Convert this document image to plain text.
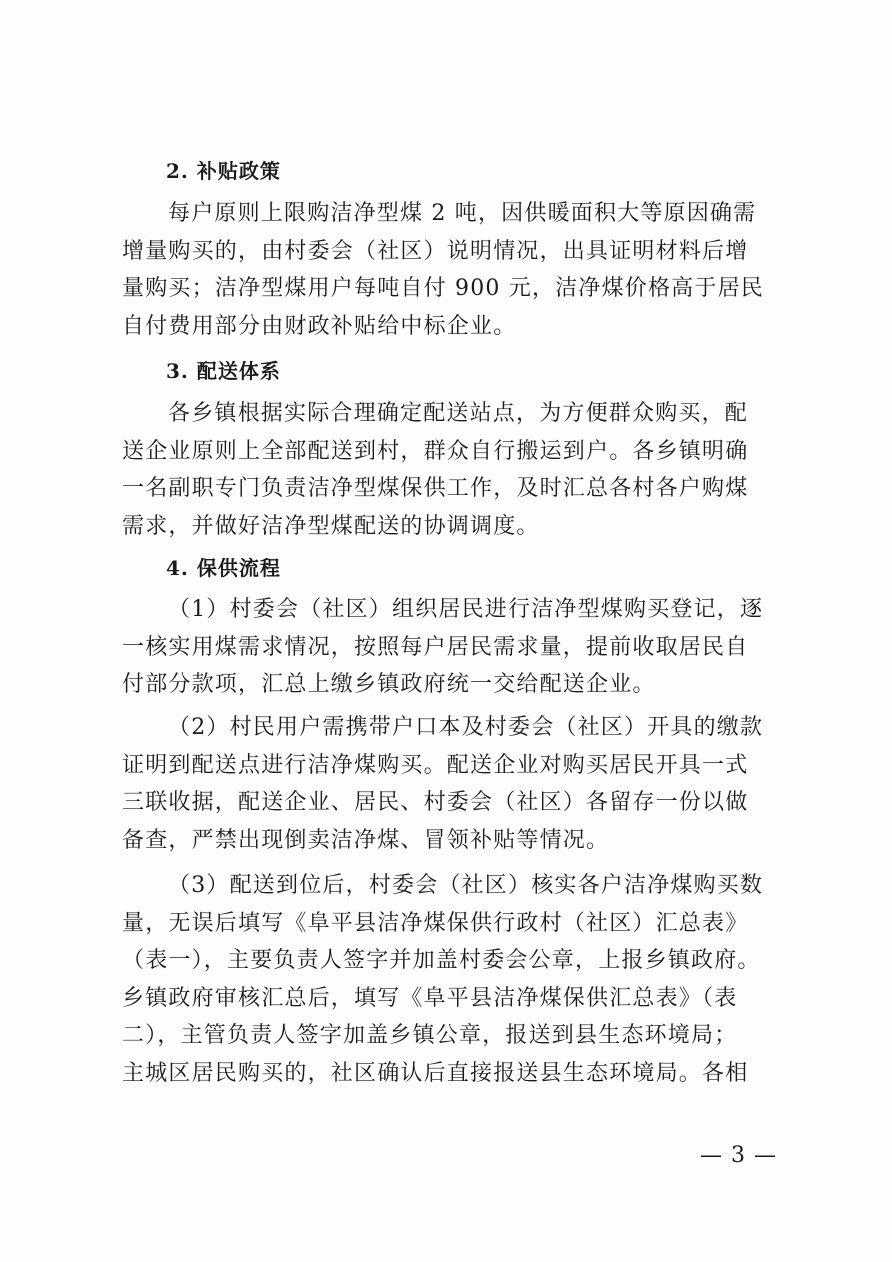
2. 补贴政策
每户原则上限购洁净型煤 2 吨，因供暖面积大等原因确需
增量购买的，由村委会（社区）说明情况，出具证明材料后增
量购买；洁净型煤用户每吨自付 900 元，洁净煤价格高于居民
自付费用部分由财政补贴给中标企业。
3. 配送体系
各乡镇根据实际合理确定配送站点，为方便群众购买，配
送企业原则上全部配送到村，群众自行搬运到户。各乡镇明确
一名副职专门负责洁净型煤保供工作，及时汇总各村各户购煤
需求，并做好洁净型煤配送的协调调度。
4. 保供流程
（1）村委会（社区）组织居民进行洁净型煤购买登记，逐
一核实用煤需求情况，按照每户居民需求量，提前收取居民自
付部分款项，汇总上缴乡镇政府统一交给配送企业。
（2）村民用户需携带户口本及村委会（社区）开具的缴款
证明到配送点进行洁净煤购买。配送企业对购买居民开具一式
三联收据，配送企业、居民、村委会（社区）各留存一份以做
备查，严禁出现倒卖洁净煤、冒领补贴等情况。
（3）配送到位后，村委会（社区）核实各户洁净煤购买数
量，无误后填写《阜平县洁净煤保供行政村（社区）汇总表》
（表一），主要负责人签字并加盖村委会公章，上报乡镇政府。
乡镇政府审核汇总后，填写《阜平县洁净煤保供汇总表》（表
二），主管负责人签字加盖乡镇公章，报送到县生态环境局；
主城区居民购买的，社区确认后直接报送县生态环境局。各相
— 3 —
